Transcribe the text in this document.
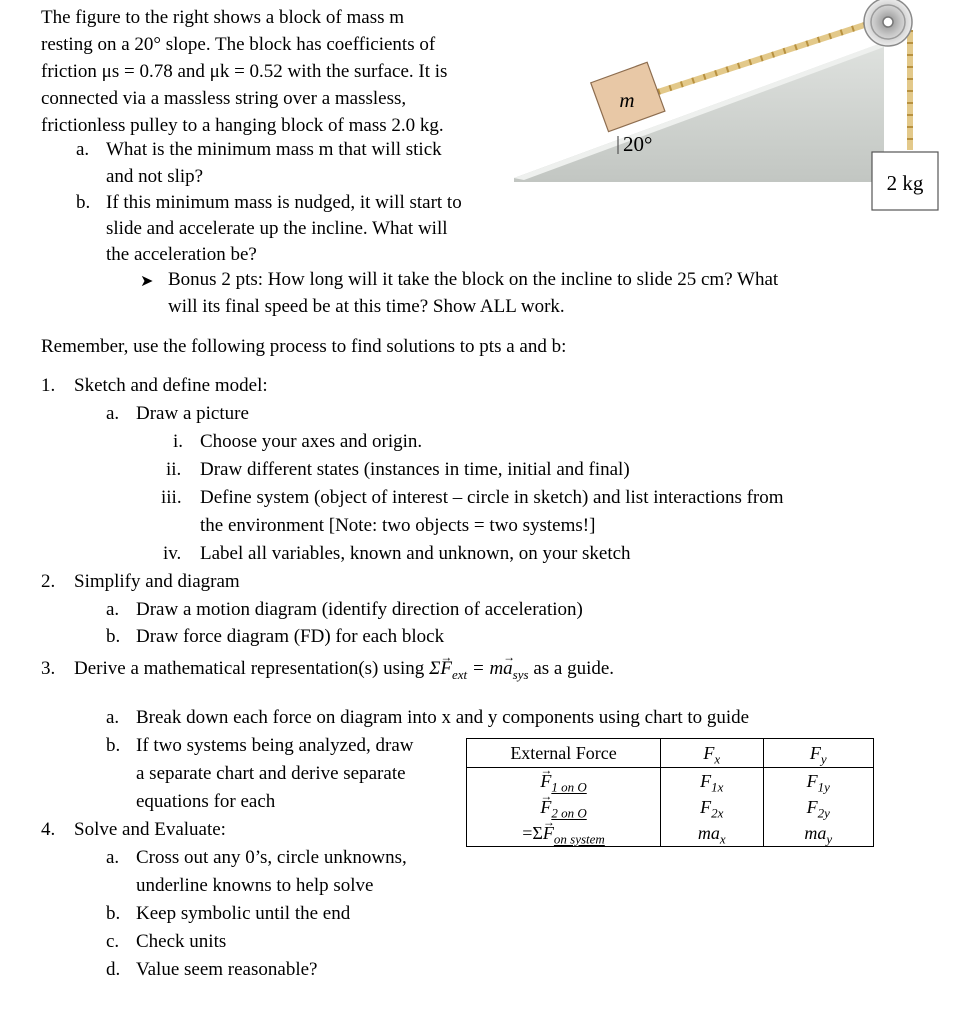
The figure to the right shows a block of mass m
resting on a 20° slope. The block has coefficients of
friction μs = 0.78 and μk = 0.52 with the surface. It is
connected via a massless string over a massless,
frictionless pulley to a hanging block of mass 2.0 kg.
a. What is the minimum mass m that will stick
and not slip?
b. If this minimum mass is nudged, it will start to
slide and accelerate up the incline. What will
the acceleration be?
➤ Bonus 2 pts: How long will it take the block on the incline to slide 25 cm? What
will its final speed be at this time? Show ALL work.
m
20°
2 kg
Remember, use the following process to find solutions to pts a and b:
1. Sketch and define model:
a. Draw a picture
i. Choose your axes and origin.
ii. Draw different states (instances in time, initial and final)
iii. Define system (object of interest – circle in sketch) and list interactions from
the environment [Note: two objects = two systems!]
iv. Label all variables, known and unknown, on your sketch
2. Simplify and diagram
a. Draw a motion diagram (identify direction of acceleration)
b. Draw force diagram (FD) for each block
3. Derive a mathematical representation(s) using $\Sigma\to F_{ext} = m\to a_{sys}$ as a guide.
a. Break down each force on diagram into x and y components using chart to guide
b. If two systems being analyzed, draw
a separate chart and derive separate
equations for each
4. Solve and Evaluate:
a. Cross out any 0’s, circle unknowns,
underline knowns to help solve
b. Keep symbolic until the end
c. Check units
d. Value seem reasonable?
External Force	$F_x$	$F_y$
→ $F_{1 on O}$	$F_{1x}$	$F_{1y}$
→ $F_{2 on O}$	$F_{2x}$	$F_{2y}$
$=\Sigma\to F_{on system}$	$ma_x$	$ma_y$
